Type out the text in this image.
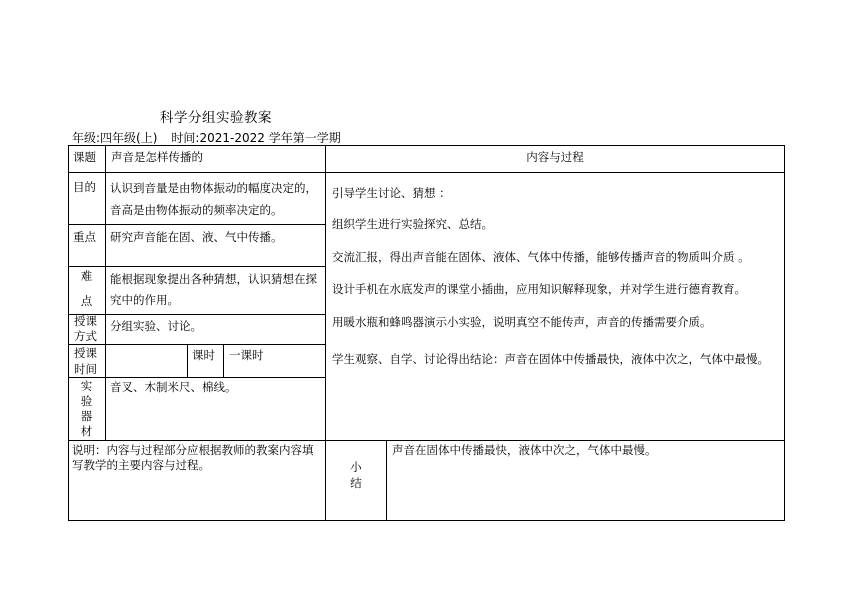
科学分组实验教案
年级:四年级(上) 时间:2021-2022 学年第一学期
课题 声音是怎样传播的	内容与过程
目的 认识到音量是由物体振动的幅度决定的，音高是由物体振动的频率决定的。
重点 研究声音能在固、液、气中传播。
难
点
能根据现象提出各种猜想，认识猜想在探究中的作用。
授课
方式
分组实验、讨论。
授课
时间
课时 一课时
实
验
器
材
音叉、木制米尺、棉线。
说明：内容与过程部分应根据教师的教案内容填写教学的主要内容与过程。	小
结
声音在固体中传播最快，液体中次之，气体中最慢。
引导学生讨论、猜想 ：
组织学生进行实验探究、总结。
交流汇报，得出声音能在固体、液体、气体中传播，能够传播声音的物质叫介质 。
设计手机在水底发声的课堂小插曲，应用知识解释现象，并对学生进行德育教育。
用暖水瓶和蜂鸣器演示小实验，说明真空不能传声，声音的传播需要介质。
学生观察、自学、讨论得出结论：声音在固体中传播最快，液体中次之，气体中最慢。
